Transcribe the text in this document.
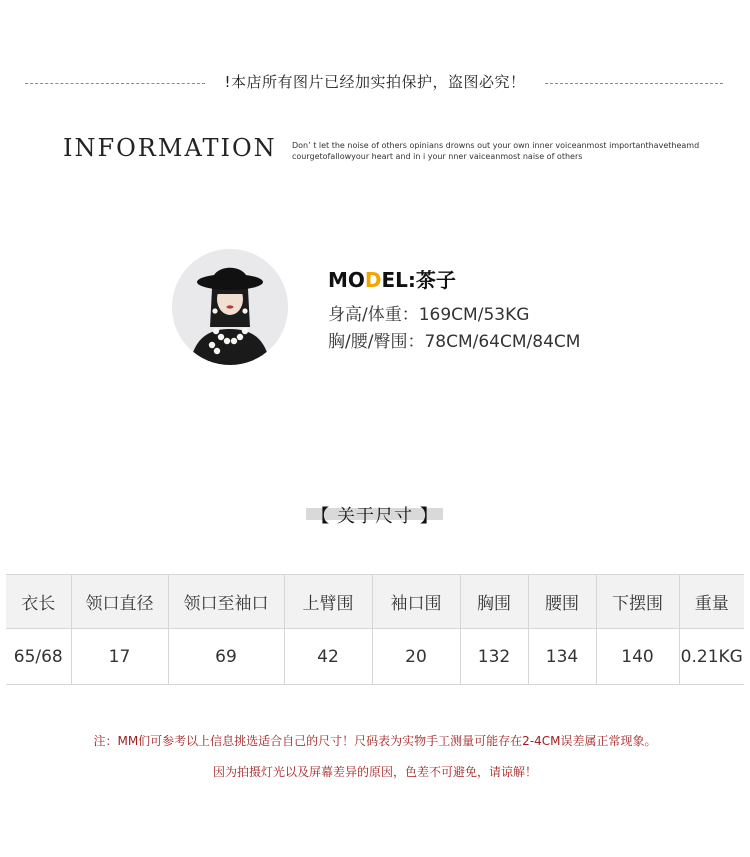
!本店所有图片已经加实拍保护，盗图必究！
INFORMATION Don’ t let the noise of others opinians drowns out your own inner voiceanmost importanthavetheamd
courgetofallowyour heart and in i your nner vaiceanmost naise of others
MODEL:茶子
身高/体重：169CM/53KG
胸/腰/臀围：78CM/64CM/84CM
【 关于尺寸 】
衣长	领口直径	领口至袖口	上臂围	袖口围	胸围	腰围	下摆围	重量
65/68	17	69	42	20	132	134	140	0.21KG
注：MM们可参考以上信息挑选适合自己的尺寸！尺码表为实物手工测量可能存在2-4CM误差属正常现象。
因为拍摄灯光以及屏幕差异的原因，色差不可避免，请谅解！
